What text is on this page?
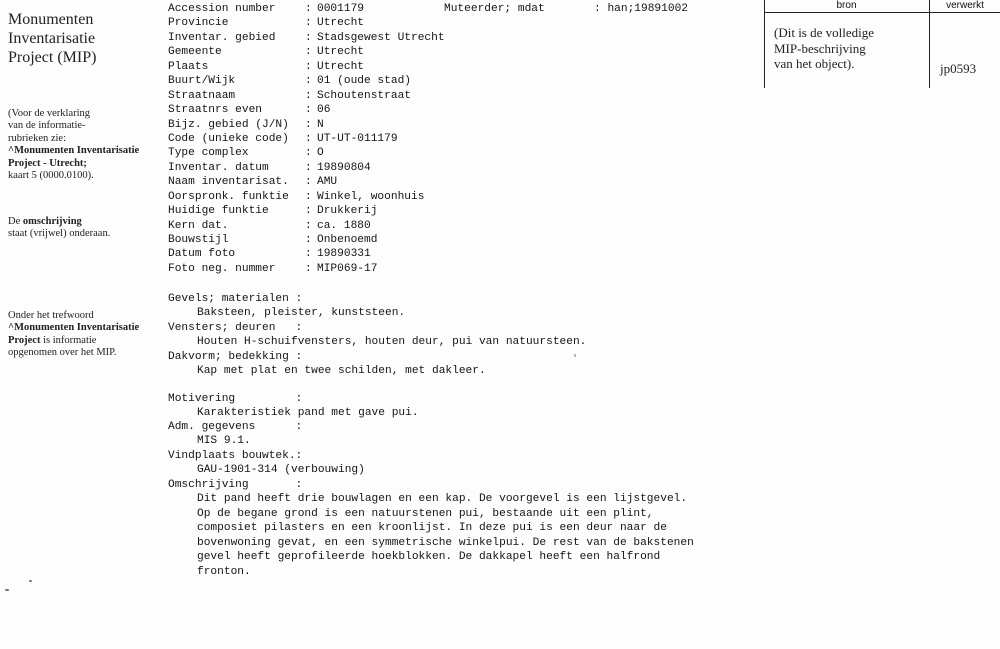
Monumenten
Inventarisatie
Project (MIP)
(Voor de verklaring
van de informatie-
rubrieken zie:
^Monumenten Inventarisatie
Project - Utrecht;
kaart 5 (0000.0100).
De omschrijving
staat (vrijwel) onderaan.
Onder het trefwoord
^Monumenten Inventarisatie
Project is informatie
opgenomen over het MIP.
Accession number	: 0001179	Muteerder; mdat	: han;19891002
Provincie	: Utrecht
Inventar. gebied	: Stadsgewest Utrecht
Gemeente	: Utrecht
Plaats	: Utrecht
Buurt/Wijk	: 01 (oude stad)
Straatnaam	: Schoutenstraat
Straatnrs even	: 06
Bijz. gebied (J/N) : N
Code (unieke code) : UT-UT-011179
Type complex	: O
Inventar. datum	: 19890804
Naam inventarisat. : AMU
Oorspronk. funktie : Winkel, woonhuis
Huidige funktie	: Drukkerij
Kern dat.	: ca. 1880
Bouwstijl	: Onbenoemd
Datum foto	: 19890331
Foto neg. nummer	: MIP069-17
Gevels; materialen :
Baksteen, pleister, kunststeen.
Vensters; deuren   :
Houten H-schuifvensters, houten deur, pui van natuursteen.
Dakvorm; bedekking :
Kap met plat en twee schilden, met dakleer.
Motivering         :
Karakteristiek pand met gave pui.
Adm. gegevens      :
MIS 9.1.
Vindplaats bouwtek.:
GAU-1901-314 (verbouwing)
Omschrijving       :
Dit pand heeft drie bouwlagen en een kap. De voorgevel is een lijstgevel.
Op de begane grond is een natuurstenen pui, bestaande uit een plint,
composiet pilasters en een kroonlijst. In deze pui is een deur naar de
bovenwoning gevat, en een symmetrische winkelpui. De rest van de bakstenen
gevel heeft geprofileerde hoekblokken. De dakkapel heeft een halfrond
fronton.
bron	verwerkt
(Dit is de volledige
MIP-beschrijving
van het object).	jp0593
